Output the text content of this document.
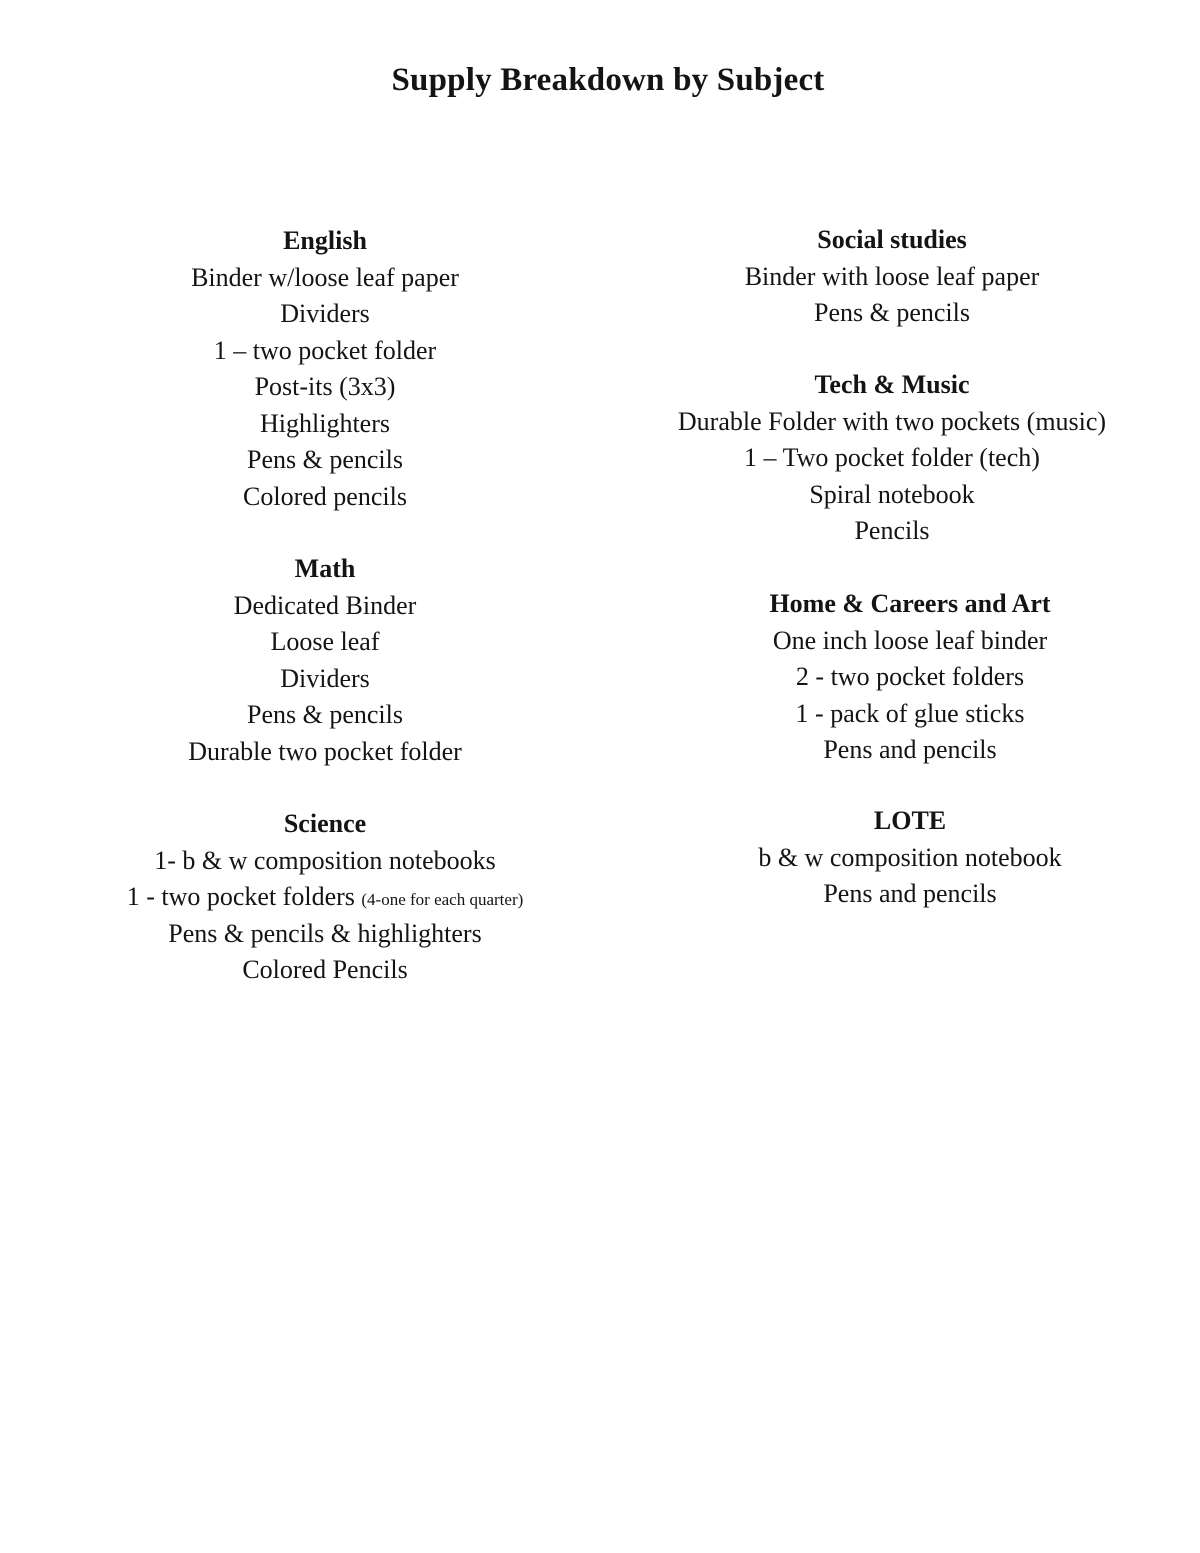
Supply Breakdown by Subject
English
Binder w/loose leaf paper
Dividers
1 – two pocket folder
Post-its (3x3)
Highlighters
Pens & pencils
Colored pencils
Math
Dedicated Binder
Loose leaf
Dividers
Pens & pencils
Durable two pocket folder
Science
1- b & w composition notebooks
1 - two pocket folders (4-one for each quarter)
Pens & pencils & highlighters
Colored Pencils
Social studies
Binder with loose leaf paper
Pens & pencils
Tech & Music
Durable Folder with two pockets (music)
1 – Two pocket folder (tech)
Spiral notebook
Pencils
Home & Careers and Art
One inch loose leaf binder
2 - two pocket folders
1 - pack of glue sticks
Pens and pencils
LOTE
b & w composition notebook
Pens and pencils
